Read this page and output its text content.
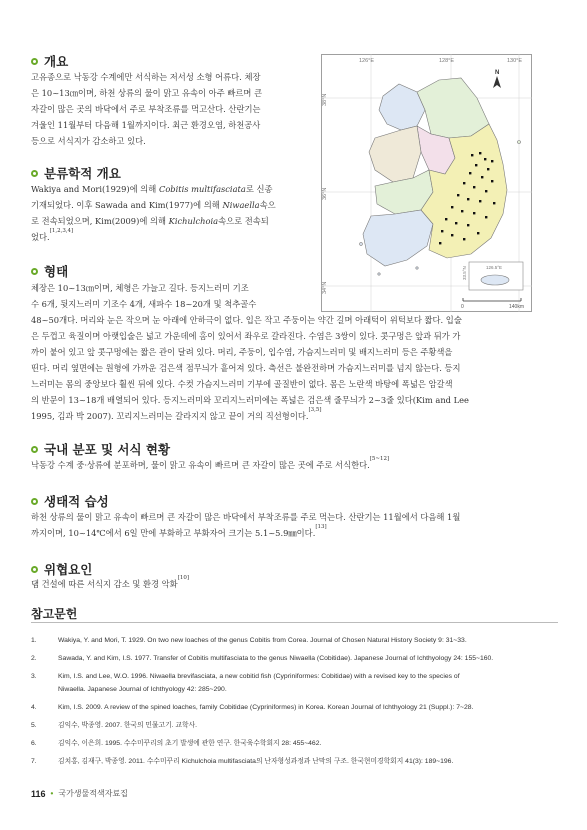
개요
고유종으로 낙동강 수계에만 서식하는 저서성 소형 어류다. 체장
은 10~13㎝이며, 하천 상류의 물이 맑고 유속이 아주 빠르며 큰
자갈이 많은 곳의 바닥에서 주로 부착조류를 먹고산다. 산란기는
겨울인 11월부터 다음해 1월까지이다. 최근 환경오염, 하천공사
등으로 서식지가 감소하고 있다.
분류학적 개요
Wakiya and Mori(1929)에 의해 Cobitis multifasciata로 신종
기재되었다. 이후 Sawada and Kim(1977)에 의해 Niwaella속으
로 전속되었으며, Kim(2009)에 의해 Kichulchoia속으로 전속되
었다.[1,2,3,4]
형태
체장은 10~13㎝이며, 체형은 가늘고 길다. 등지느러미 기조
수 6개, 뒷지느러미 기조수 4개, 새파수 18~20개 및 척추골수
48~50개다. 머리와 눈은 작으며 눈 아래에 안하극이 없다. 입은 작고 주둥이는 약간 길며 아래턱이 위턱보다 짧다. 입술
은 두껍고 육질이며 아랫입술은 넓고 가운데에 홈이 있어서 좌우로 갈라진다. 수염은 3쌍이 있다. 콧구멍은 앞과 뒤가 가
까이 붙어 있고 앞 콧구멍에는 짧은 관이 달려 있다. 머리, 주둥이, 입수염, 가슴지느러미 및 배지느러미 등은 주황색을
띤다. 머리 옆면에는 원형에 가까운 검은색 점무늬가 흩어져 있다. 측선은 불완전하며 가슴지느러미를 넘지 않는다. 등지
느러미는 몸의 중앙보다 훨씬 뒤에 있다. 수컷 가슴지느러미 기부에 골질반이 없다. 몸은 노란색 바탕에 폭넓은 암갈색
의 반문이 13~18개 배열되어 있다. 등지느러미와 꼬리지느러미에는 폭넓은 검은색 줄무늬가 2~3줄 있다(Kim and Lee
1995, 김과 박 2007). 꼬리지느러미는 갈라지지 않고 끝이 거의 직선형이다.[3,5]
국내 분포 및 서식 현황
낙동강 수계 중·상류에 분포하며, 물이 맑고 유속이 빠르며 큰 자갈이 많은 곳에 주로 서식한다.[5~12]
생태적 습성
하천 상류의 물이 맑고 유속이 빠르며 큰 자갈이 많은 바닥에서 부착조류를 주로 먹는다. 산란기는 11월에서 다음해 1월
까지이며, 10~14℃에서 6일 만에 부화하고 부화자어 크기는 5.1~5.9㎜이다.[13]
위협요인
댐 건설에 따른 서식지 감소 및 환경 악화[10]
126°E	128°E	130°E
38°N
36°N
34°N
N
126.5°E
33.5°N
0	140km
참고문헌
1.	Wakiya, Y. and Mori, T. 1929. On two new loaches of the genus Cobitis from Corea. Journal of Chosen Natural History Society 9: 31~33.
2.	Sawada, Y. and Kim, I.S. 1977. Transfer of Cobitis multifasciata to the genus Niwaella (Cobitidae). Japanese Journal of Ichthyology 24: 155~160.
3.	Kim, I.S. and Lee, W.O. 1996. Niwaella brevifasciata, a new cobitid fish (Cypriniformes: Cobitidae) with a revised key to the species of
Niwaella. Japanese Journal of Ichthyology 42: 285~290.
4.	Kim, I.S. 2009. A review of the spined loaches, family Cobitidae (Cypriniformes) in Korea. Korean Journal of Ichthyology 21 (Suppl.): 7~28.
5.	김익수, 박종영. 2007. 한국의 민물고기. 교학사.
6.	김익수, 이은희. 1995. 수수미꾸리의 초기 발생에 관한 연구. 한국육수학회지 28: 455~462.
7.	김치홍, 김재구, 박종영. 2011. 수수미꾸리 Kichulchoia multifasciata의 난자형성과정과 난막의 구조. 한국현미경학회지 41(3): 189~196.
116 • 국가생물적색자료집
